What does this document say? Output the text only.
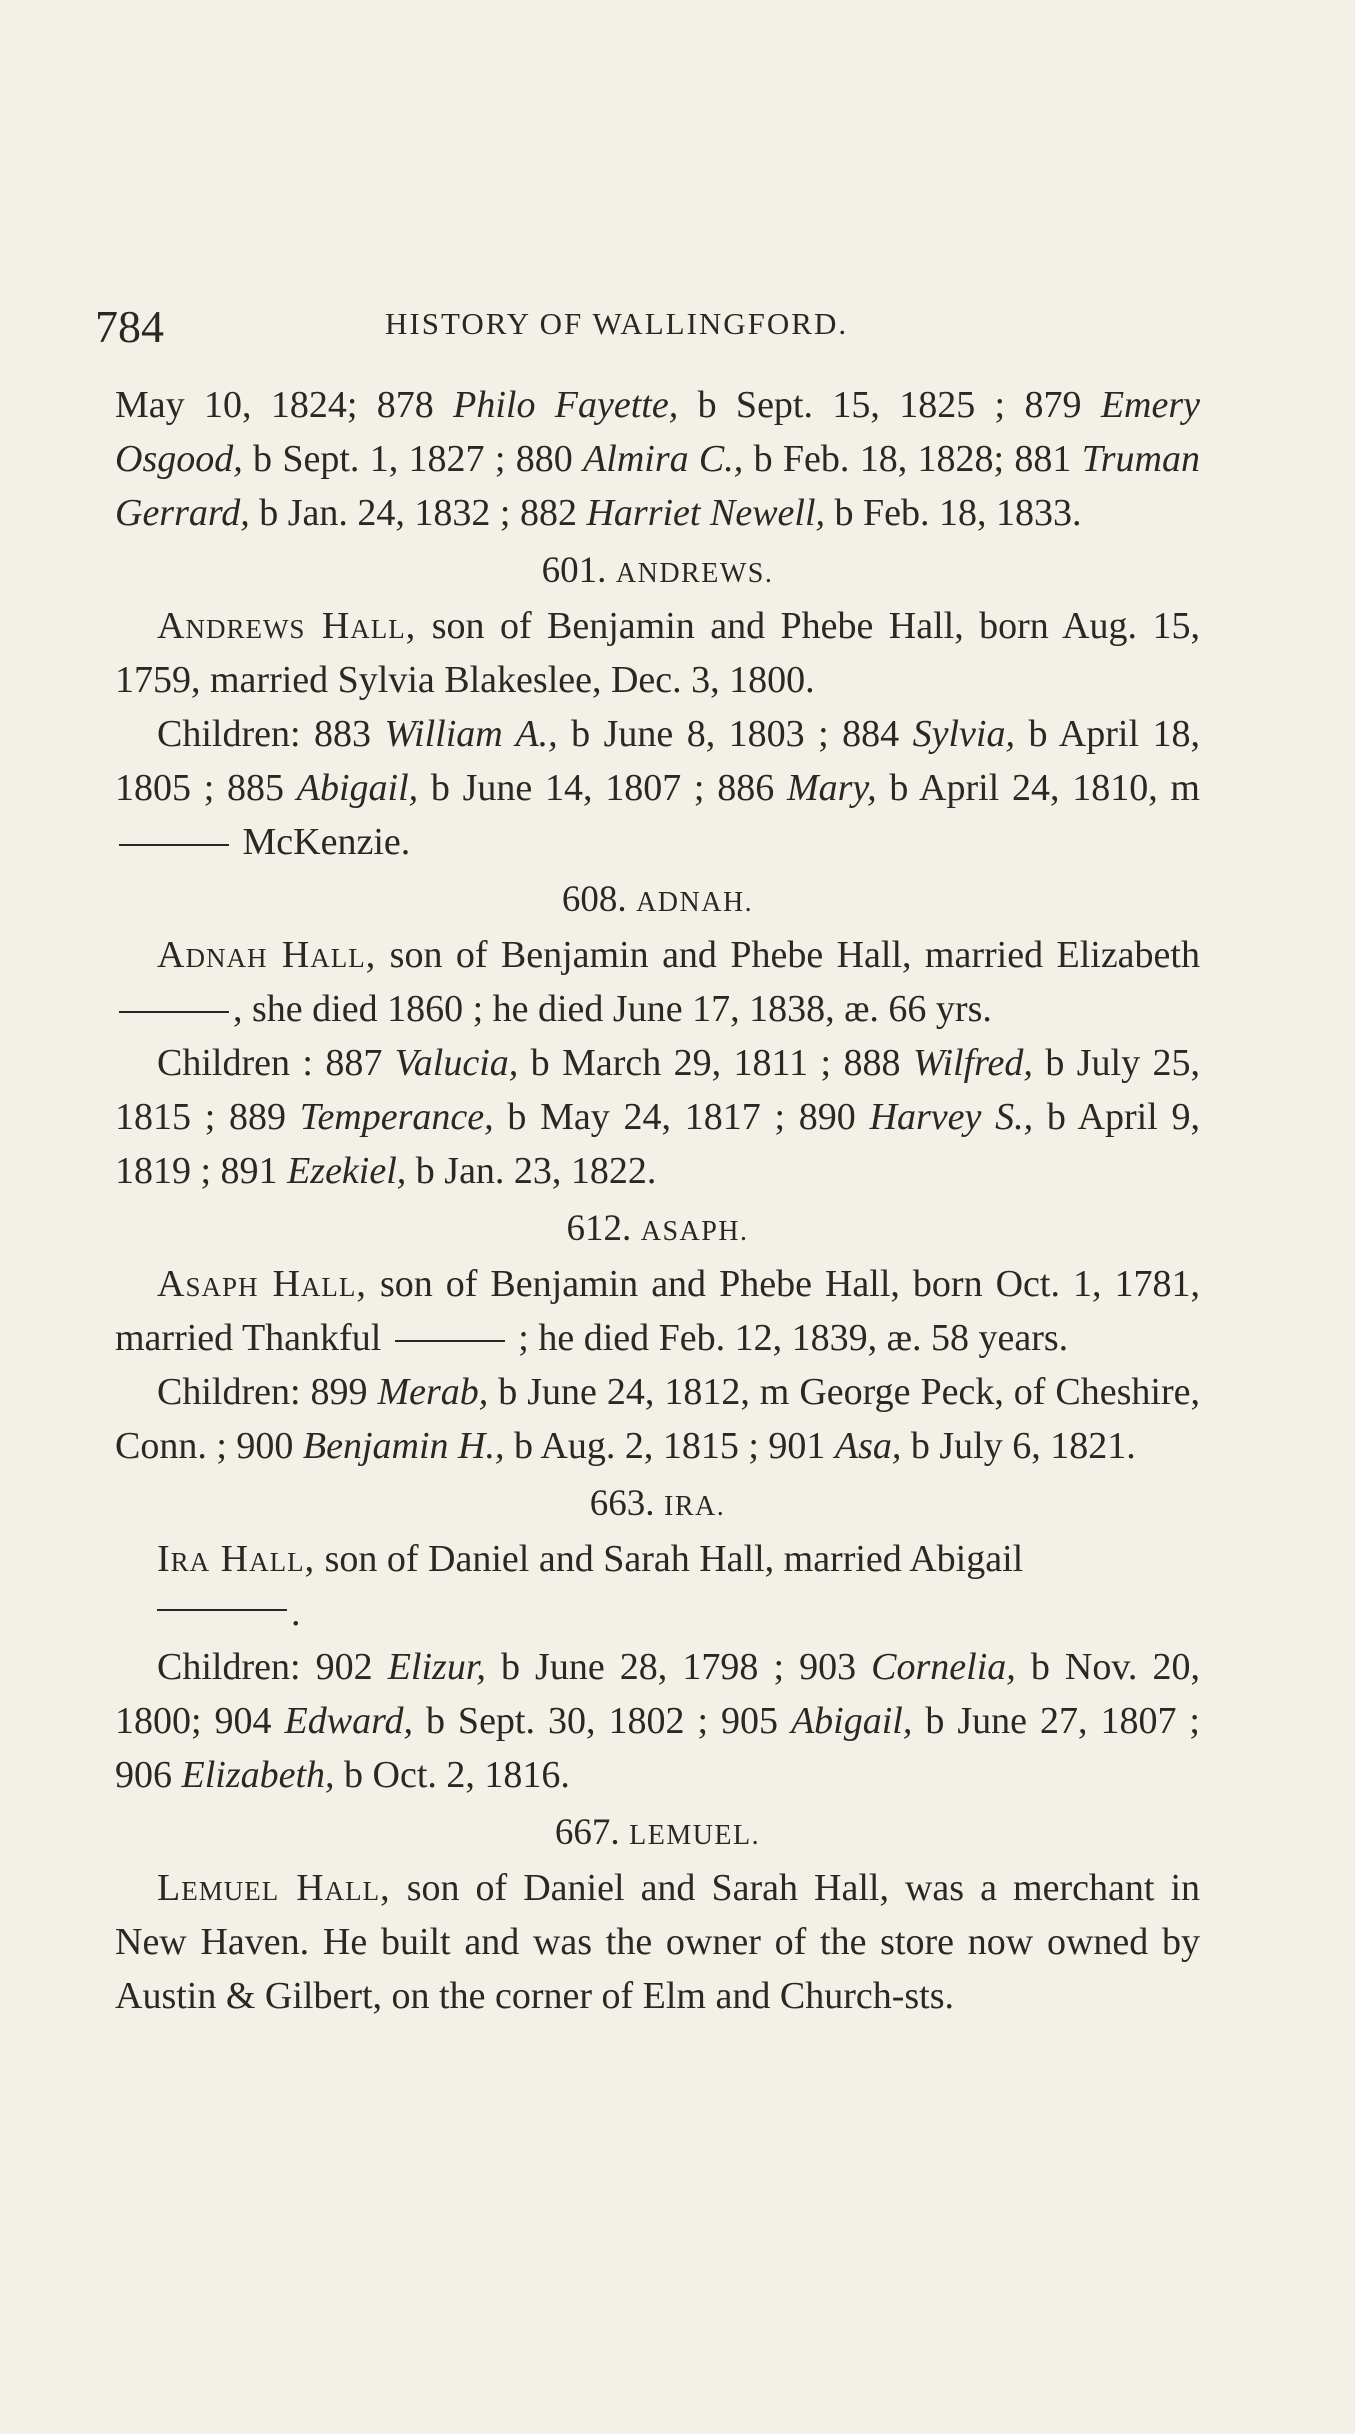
784	HISTORY OF WALLINGFORD.

May 10, 1824; 878 Philo Fayette, b Sept. 15, 1825 ; 879 Emery Osgood, b Sept. 1, 1827 ; 880 Almira C., b Feb. 18, 1828; 881 Truman Gerrard, b Jan. 24, 1832 ; 882 Harriet Newell, b Feb. 18, 1833.

601. ANDREWS.

Andrews Hall, son of Benjamin and Phebe Hall, born Aug. 15, 1759, married Sylvia Blakeslee, Dec. 3, 1800.

Children: 883 William A., b June 8, 1803 ; 884 Sylvia, b April 18, 1805 ; 885 Abigail, b June 14, 1807 ; 886 Mary, b April 24, 1810, m  McKenzie.

608. ADNAH.

Adnah Hall, son of Benjamin and Phebe Hall, married Elizabeth , she died 1860 ; he died June 17, 1838, æ. 66 yrs.

Children : 887 Valucia, b March 29, 1811 ; 888 Wilfred, b July 25, 1815 ; 889 Temperance, b May 24, 1817 ; 890 Harvey S., b April 9, 1819 ; 891 Ezekiel, b Jan. 23, 1822.

612. ASAPH.

Asaph Hall, son of Benjamin and Phebe Hall, born Oct. 1, 1781, married Thankful	; he died Feb. 12, 1839, æ. 58 years.

Children: 899 Merab, b June 24, 1812, m George Peck, of Cheshire, Conn. ; 900 Benjamin H., b Aug. 2, 1815 ; 901 Asa, b July 6, 1821.

663. IRA.

Ira Hall, son of Daniel and Sarah Hall, married Abigail

.

Children: 902 Elizur, b June 28, 1798 ; 903 Cornelia, b Nov. 20, 1800; 904 Edward, b Sept. 30, 1802 ; 905 Abigail, b June 27, 1807 ; 906 Elizabeth, b Oct. 2, 1816.

667. LEMUEL.

Lemuel Hall, son of Daniel and Sarah Hall, was a merchant in New Haven. He built and was the owner of the store now owned by Austin & Gilbert, on the corner of Elm and Church-sts.
